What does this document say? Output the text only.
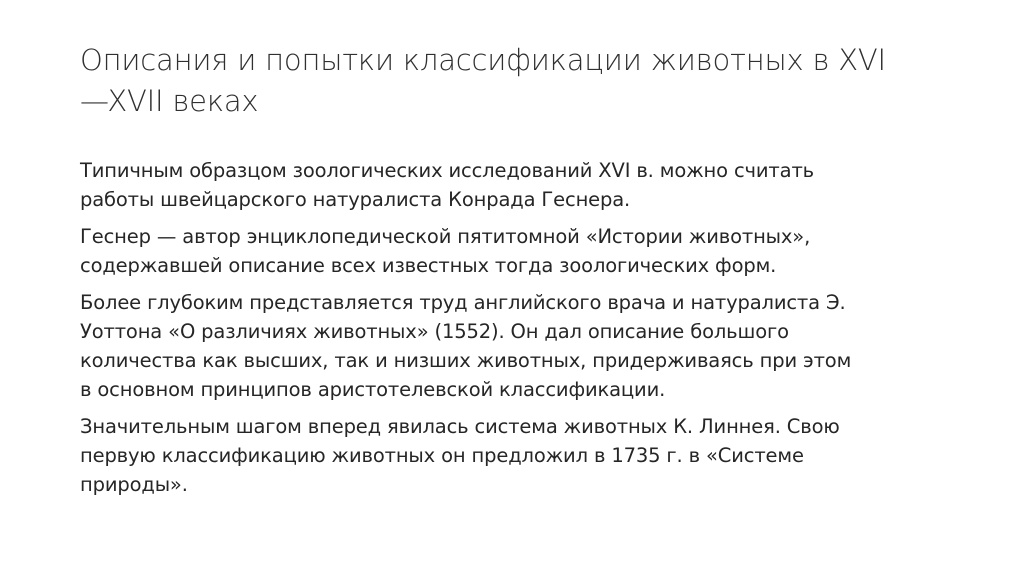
Описания и попытки классификации животных в XVI
—XVII веках

Типичным образцом зоологических исследований XVI в. можно считать
работы швейцарского натуралиста Конрада Геснера.

Геснер — автор энциклопедической пятитомной «Истории животных»,
содержавшей описание всех известных тогда зоологических форм.

Более глубоким представляется труд английского врача и натуралиста Э.
Уоттона «О различиях животных» (1552). Он дал описание большого
количества как высших, так и низших животных, придерживаясь при этом
в основном принципов аристотелевской классификации.

Значительным шагом вперед явилась система животных К. Линнея. Свою
первую классификацию животных он предложил в 1735 г. в «Системе
природы».
